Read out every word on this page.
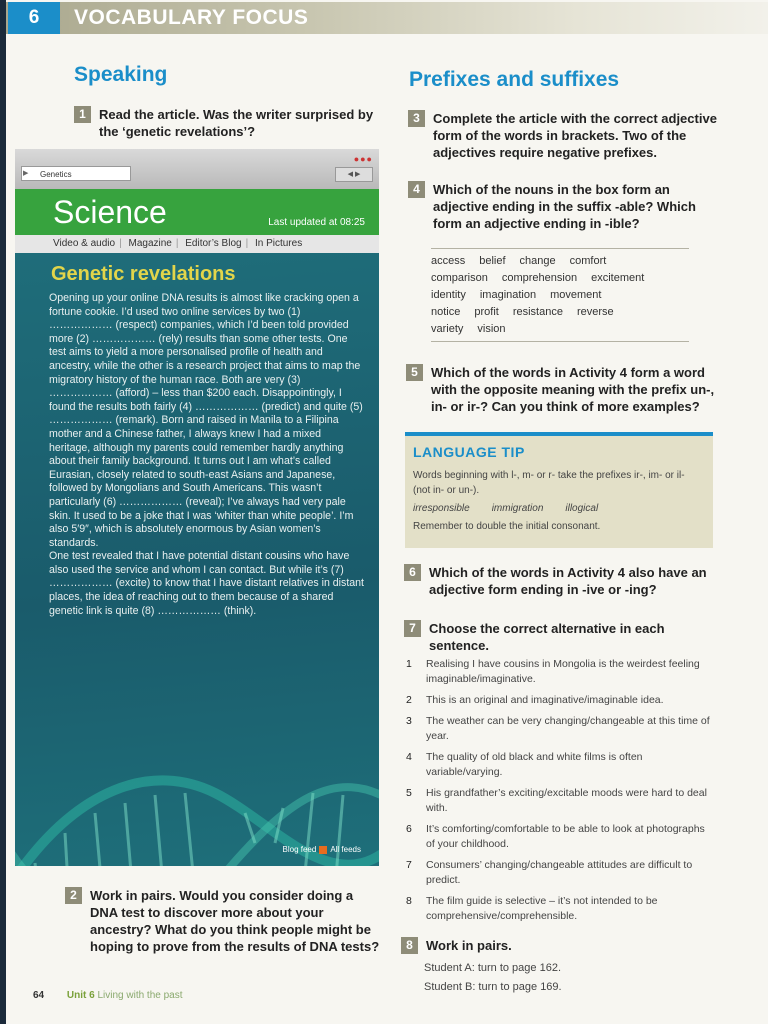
6	VOCABULARY FOCUS
Speaking
1	Read the article. Was the writer surprised by the ‘genetic revelations’?
Genetics
▶
●●●
◀ ▶
Science	Last updated at 08:25
Video & audio | Magazine | Editor’s Blog | In Pictures
Blog feed All feeds
Genetic revelations
Opening up your online DNA results is almost like cracking open a fortune cookie. I’d used two online services by two (1) ……………… (respect) companies, which I’d been told provided more (2) ……………… (rely) results than some other tests. One test aims to yield a more personalised profile of health and ancestry, while the other is a research project that aims to map the migratory history of the human race. Both are very (3) ……………… (afford) – less than $200 each. Disappointingly, I found the results both fairly (4) ……………… (predict) and quite (5) ……………… (remark). Born and raised in Manila to a Filipina mother and a Chinese father, I always knew I had a mixed heritage, although my parents could remember hardly anything about their family background. It turns out I am what’s called Eurasian, closely related to south-east Asians and Japanese, followed by Mongolians and South Americans. This wasn’t particularly (6) ……………… (reveal); I’ve always had very pale skin. It used to be a joke that I was ‘whiter than white people’. I’m also 5′9″, which is absolutely enormous by Asian women’s standards.
One test revealed that I have potential distant cousins who have also used the service and whom I can contact. But while it’s (7) ……………… (excite) to know that I have distant relatives in distant places, the idea of reaching out to them because of a shared genetic link is quite (8) ……………… (think).
2	Work in pairs. Would you consider doing a DNA test to discover more about your ancestry? What do you think people might be hoping to prove from the results of DNA tests?
Prefixes and suffixes
3	Complete the article with the correct adjective form of the words in brackets. Two of the adjectives require negative prefixes.
4	Which of the nouns in the box form an adjective ending in the suffix -able? Which form an adjective ending in -ible?
access belief change comfort
comparison comprehension excitement
identity imagination movement
notice profit resistance reverse
variety vision
5	Which of the words in Activity 4 form a word with the opposite meaning with the prefix un-, in- or ir-? Can you think of more examples?
LANGUAGE TIP
Words beginning with l-, m- or r- take the prefixes ir-, im- or il- (not in- or un-).
irresponsible immigration illogical
Remember to double the initial consonant.
6	Which of the words in Activity 4 also have an adjective form ending in -ive or -ing?
7	Choose the correct alternative in each sentence.
1 Realising I have cousins in Mongolia is the weirdest feeling imaginable/imaginative.
2 This is an original and imaginative/imaginable idea.
3 The weather can be very changing/changeable at this time of year.
4 The quality of old black and white films is often variable/varying.
5 His grandfather’s exciting/excitable moods were hard to deal with.
6 It’s comforting/comfortable to be able to look at photographs of your childhood.
7 Consumers’ changing/changeable attitudes are difficult to predict.
8 The film guide is selective – it’s not intended to be comprehensive/comprehensible.
8	Work in pairs.
Student A: turn to page 162.
Student B: turn to page 169.
64 Unit 6 Living with the past
